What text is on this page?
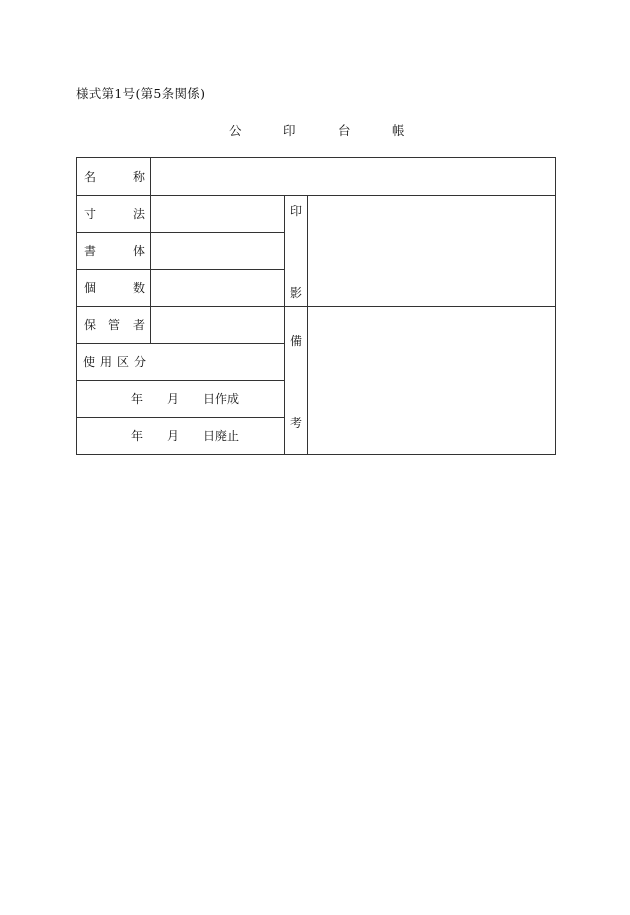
様式第1号(第5条関係)
公	印	台	帳
名	称
寸	法
書	体
個	数
保 管 者
使 用 区 分
年 月 日作成
年 月 日廃止
印
影
備
考
